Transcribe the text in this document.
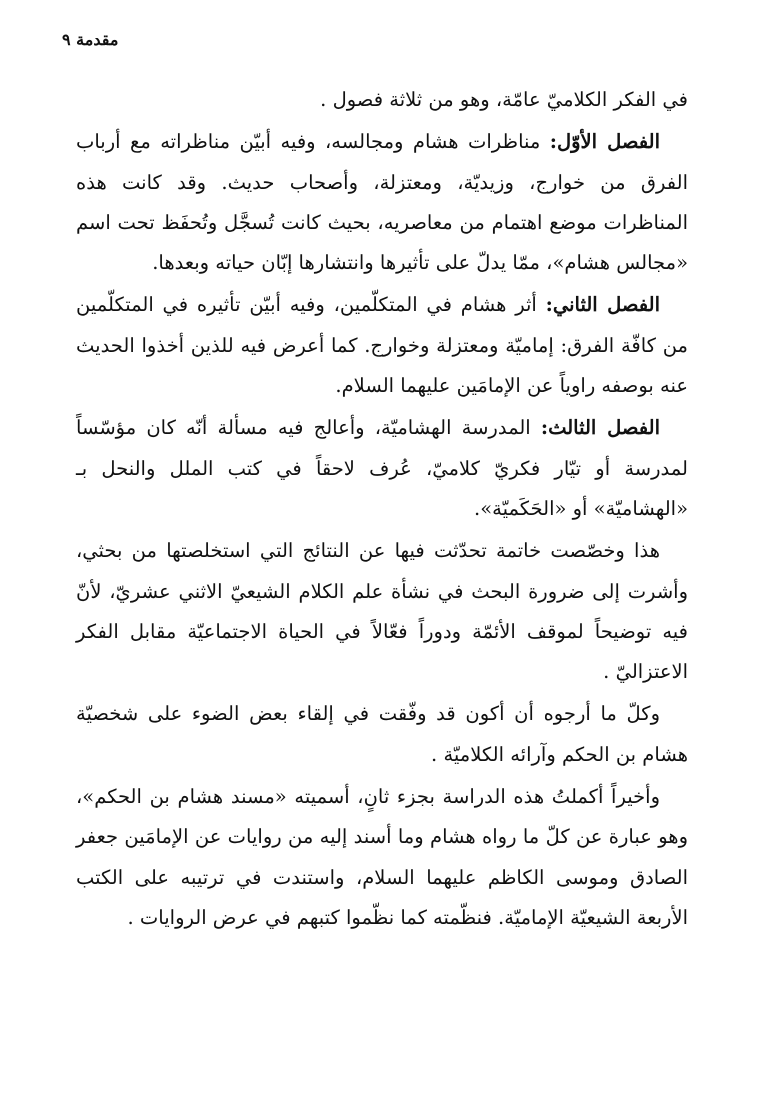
مقدمة ٩

في الفكر الكلاميّ عامّة، وهو من ثلاثة فصول .

الفصل الأوّل: مناظرات هشام ومجالسه، وفيه أبيّن مناظراته مع أرباب الفرق من خوارج، وزيديّة، ومعتزلة، وأصحاب حديث. وقد كانت هذه المناظرات موضع اهتمام من معاصريه، بحيث كانت تُسجَّل وتُحفَظ تحت اسم «مجالس هشام»، ممّا يدلّ على تأثيرها وانتشارها إبّان حياته وبعدها.

الفصل الثاني: أثر هشام في المتكلّمين، وفيه أبيّن تأثيره في المتكلّمين من كافّة الفرق: إماميّة ومعتزلة وخوارج. كما أعرض فيه للذين أخذوا الحديث عنه بوصفه راوياً عن الإمامَين عليهما السلام.

الفصل الثالث: المدرسة الهشاميّة، وأعالج فيه مسألة أنّه كان مؤسّساً لمدرسة أو تيّار فكريّ كلاميّ، عُرف لاحقاً في كتب الملل والنحل بـ «الهشاميّة» أو «الحَكَميّة».

هذا وخصّصت خاتمة تحدّثت فيها عن النتائج التي استخلصتها من بحثي، وأشرت إلى ضرورة البحث في نشأة علم الكلام الشيعيّ الاثني عشريّ، لأنّ فيه توضيحاً لموقف الأئمّة ودوراً فعّالاً في الحياة الاجتماعيّة مقابل الفكر الاعتزاليّ .

وكلّ ما أرجوه أن أكون قد وفّقت في إلقاء بعض الضوء على شخصيّة هشام بن الحكم وآرائه الكلاميّة .

وأخيراً أكملتُ هذه الدراسة بجزء ثانٍ، أسميته «مسند هشام بن الحكم»، وهو عبارة عن كلّ ما رواه هشام وما أسند إليه من روايات عن الإمامَين جعفر الصادق وموسى الكاظم عليهما السلام، واستندت في ترتيبه على الكتب الأربعة الشيعيّة الإماميّة. فنظّمته كما نظّموا كتبهم في عرض الروايات .
